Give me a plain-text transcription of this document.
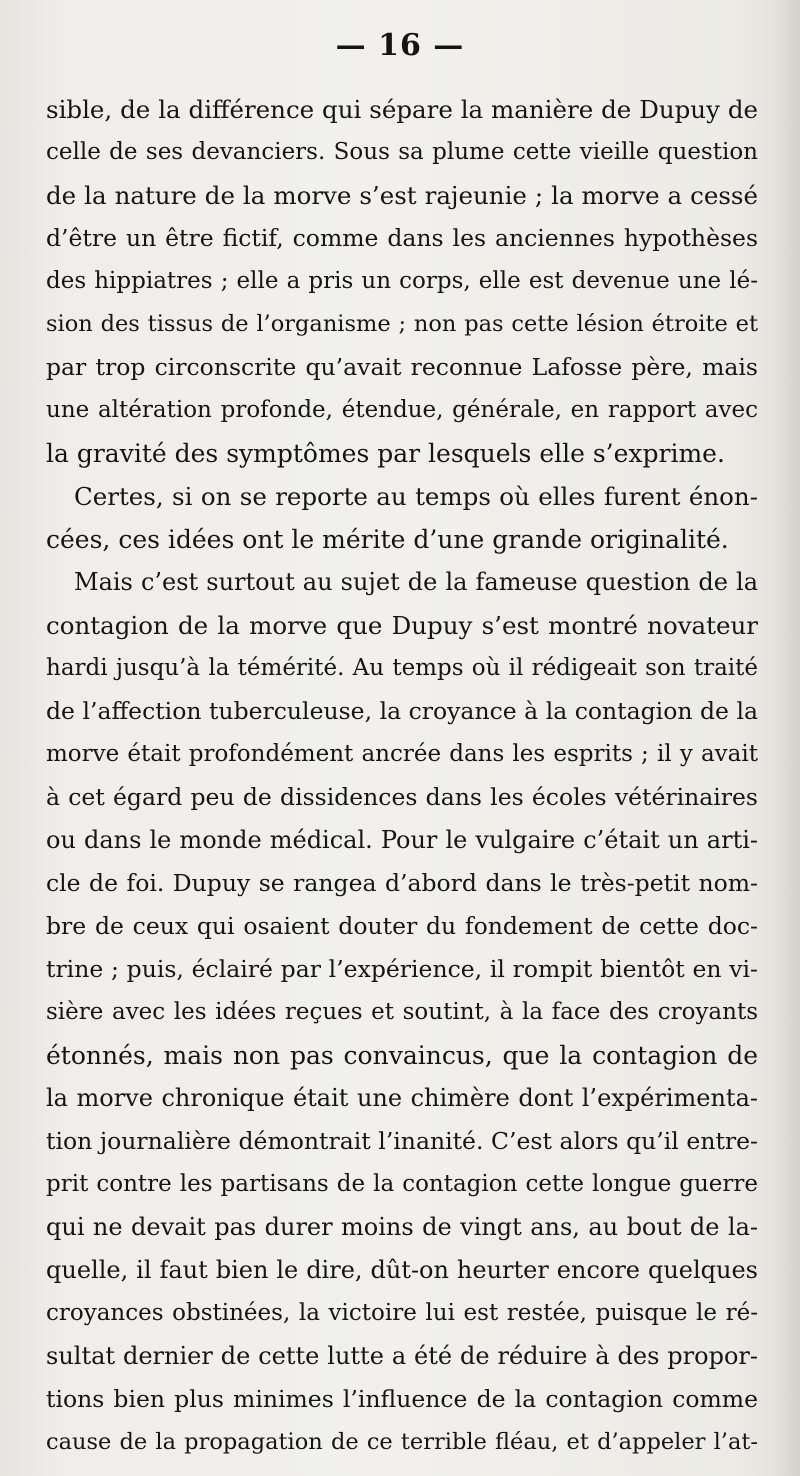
— 16 —
sible, de la différence qui sépare la manière de Dupuy de
celle de ses devanciers. Sous sa plume cette vieille question
de la nature de la morve s’est rajeunie ; la morve a cessé
d’être un être fictif, comme dans les anciennes hypothèses
des hippiatres ; elle a pris un corps, elle est devenue une lé-
sion des tissus de l’organisme ; non pas cette lésion étroite et
par trop circonscrite qu’avait reconnue Lafosse père, mais
une altération profonde, étendue, générale, en rapport avec
la gravité des symptômes par lesquels elle s’exprime.
Certes, si on se reporte au temps où elles furent énon-
cées, ces idées ont le mérite d’une grande originalité.
Mais c’est surtout au sujet de la fameuse question de la
contagion de la morve que Dupuy s’est montré novateur
hardi jusqu’à la témérité. Au temps où il rédigeait son traité
de l’affection tuberculeuse, la croyance à la contagion de la
morve était profondément ancrée dans les esprits ; il y avait
à cet égard peu de dissidences dans les écoles vétérinaires
ou dans le monde médical. Pour le vulgaire c’était un arti-
cle de foi. Dupuy se rangea d’abord dans le très-petit nom-
bre de ceux qui osaient douter du fondement de cette doc-
trine ; puis, éclairé par l’expérience, il rompit bientôt en vi-
sière avec les idées reçues et soutint, à la face des croyants
étonnés, mais non pas convaincus, que la contagion de
la morve chronique était une chimère dont l’expérimenta-
tion journalière démontrait l’inanité. C’est alors qu’il entre-
prit contre les partisans de la contagion cette longue guerre
qui ne devait pas durer moins de vingt ans, au bout de la-
quelle, il faut bien le dire, dût-on heurter encore quelques
croyances obstinées, la victoire lui est restée, puisque le ré-
sultat dernier de cette lutte a été de réduire à des propor-
tions bien plus minimes l’influence de la contagion comme
cause de la propagation de ce terrible fléau, et d’appeler l’at-
